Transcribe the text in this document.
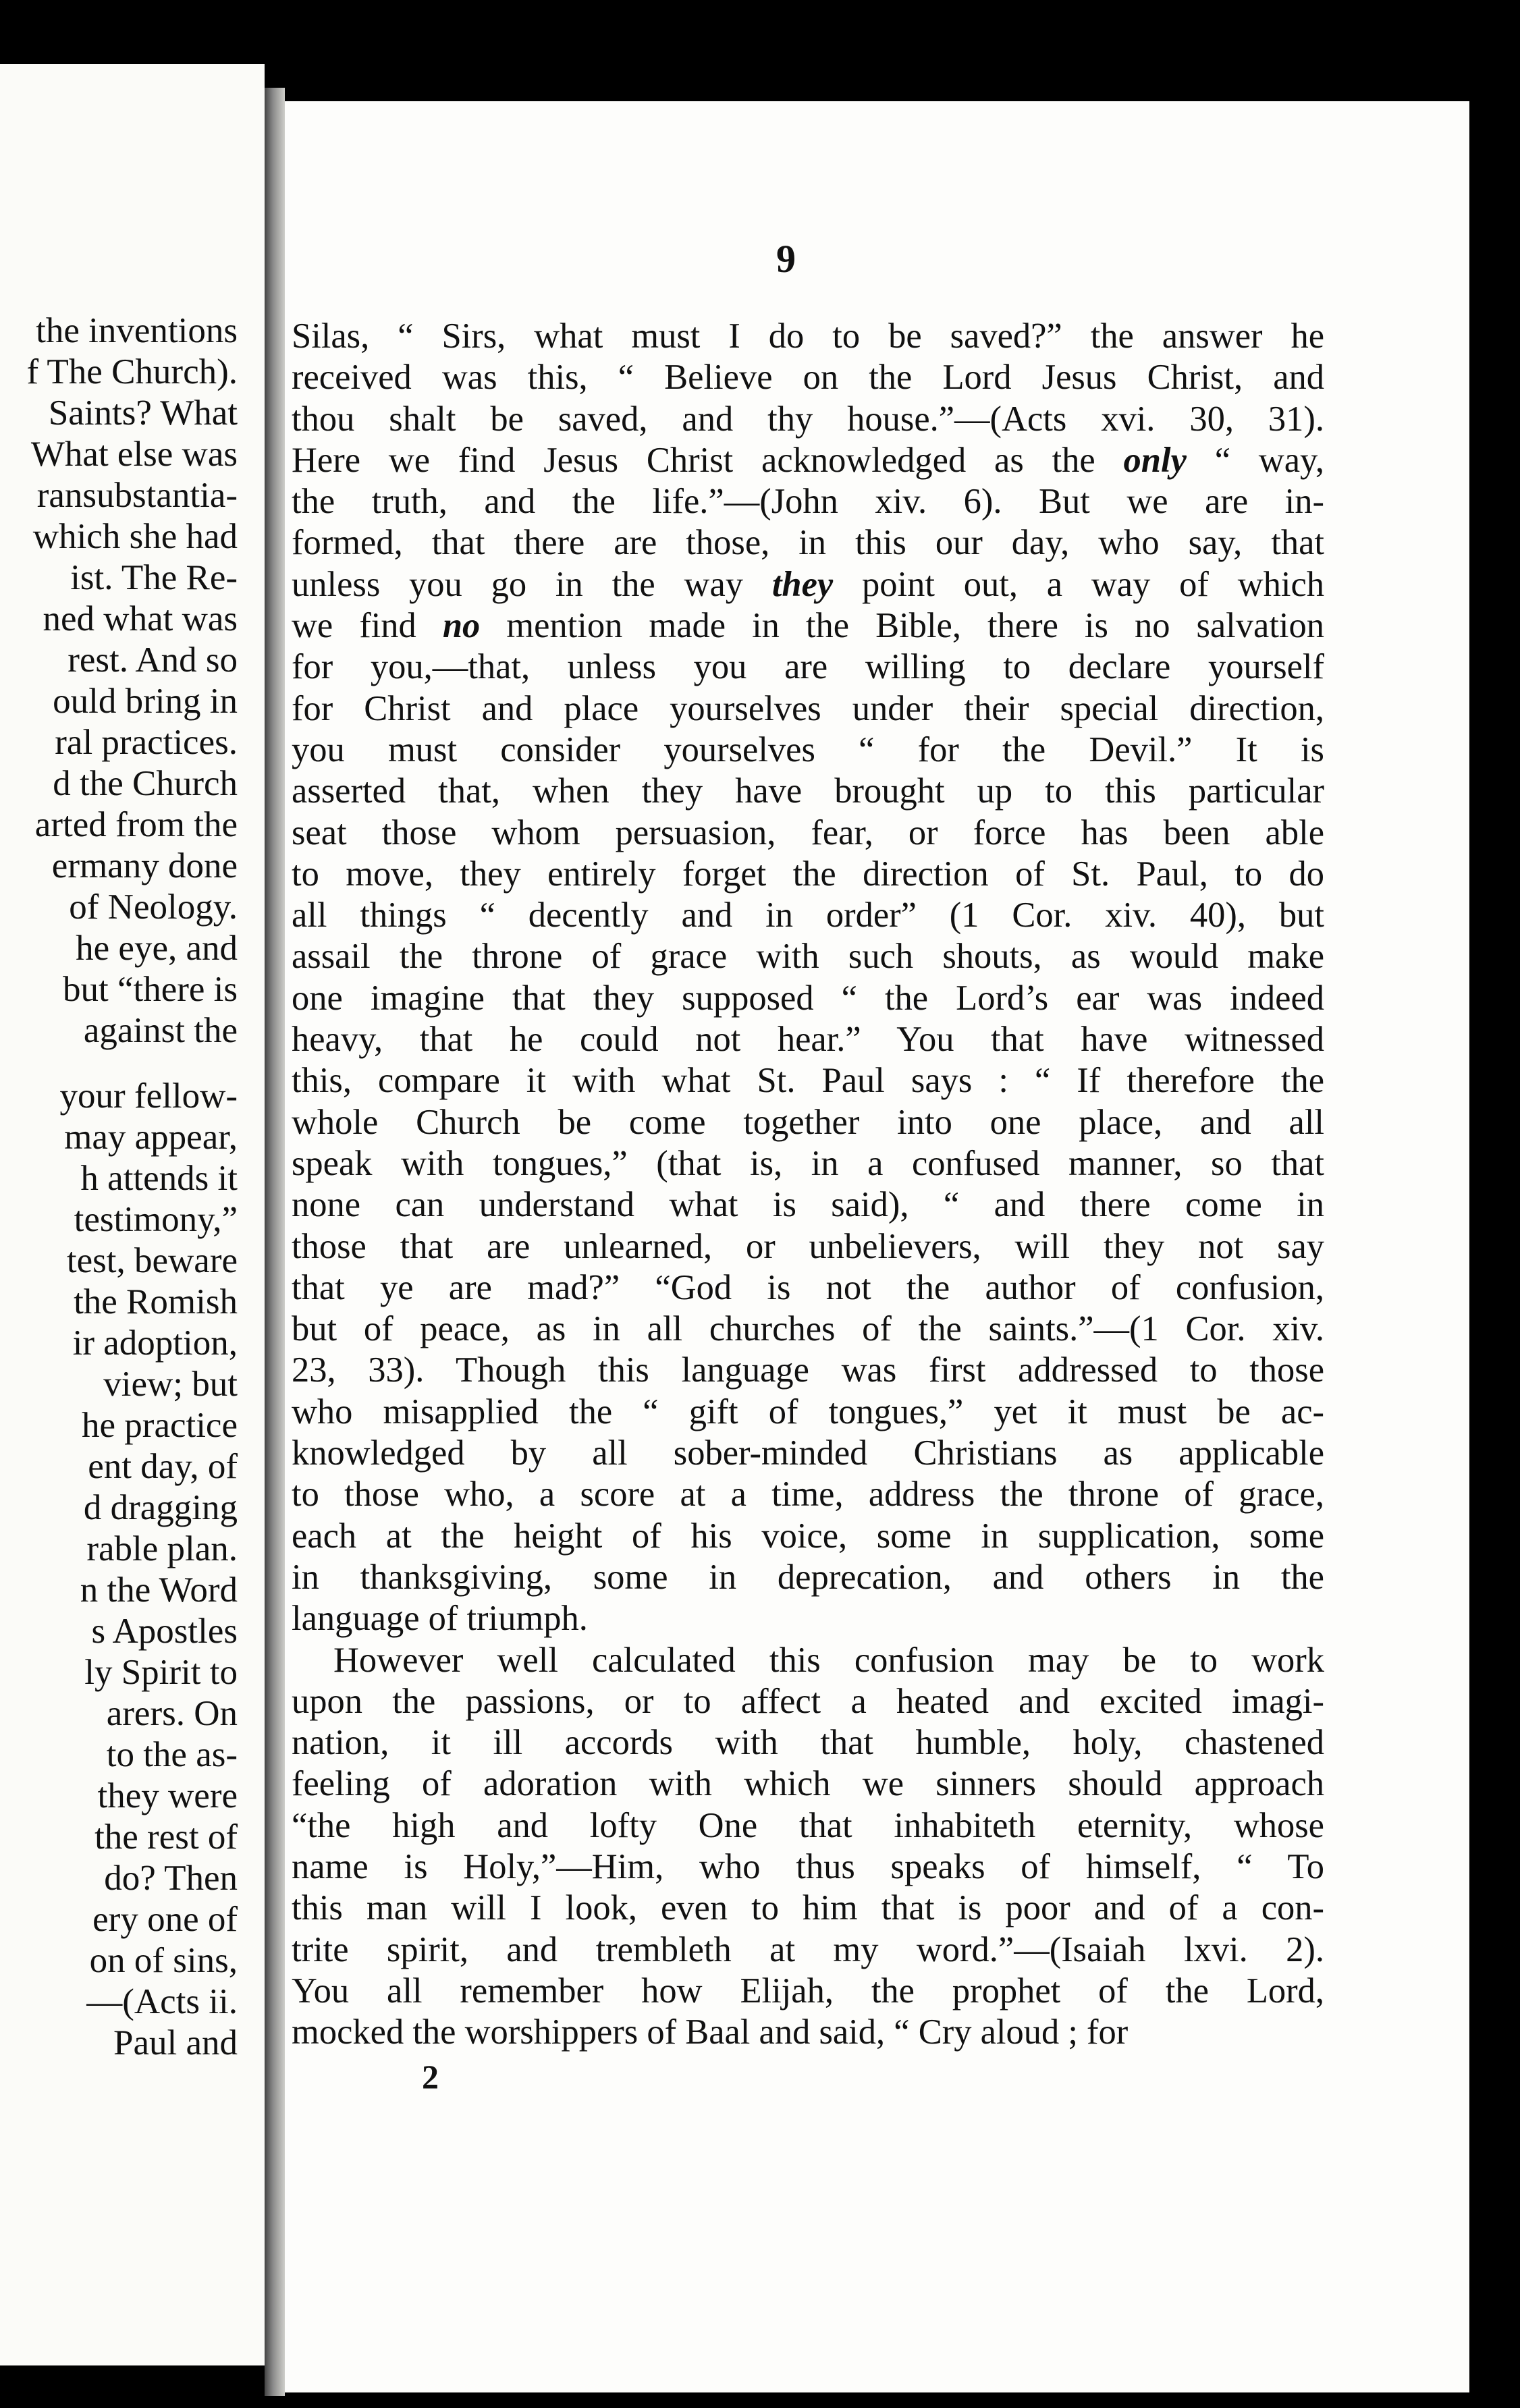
the inventions
f The Church).
Saints? What
What else was
ransubstantia-
which she had
ist. The Re-
ned what was
rest. And so
ould bring in
ral practices.
d the Church
arted from the
ermany done
of Neology.
he eye, and
but “there is
against the
your fellow-
may appear,
h attends it
testimony,”
test, beware
the Romish
ir adoption,
view; but
he practice
ent day, of
d dragging
rable plan.
n the Word
s Apostles
ly Spirit to
arers. On
to the as-
they were
the rest of
do? Then
ery one of
on of sins,
—(Acts ii.
Paul and
9
Silas, “ Sirs, what must I do to be saved?” the answer he
received was this, “ Believe on the Lord Jesus Christ, and
thou shalt be saved, and thy house.”—(Acts xvi. 30, 31).
Here we find Jesus Christ acknowledged as the only “ way,
the truth, and the life.”—(John xiv. 6). But we are in-
formed, that there are those, in this our day, who say, that
unless you go in the way they point out, a way of which
we find no mention made in the Bible, there is no salvation
for you,—that, unless you are willing to declare yourself
for Christ and place yourselves under their special direction,
you must consider yourselves “ for the Devil.” It is
asserted that, when they have brought up to this particular
seat those whom persuasion, fear, or force has been able
to move, they entirely forget the direction of St. Paul, to do
all things “ decently and in order” (1 Cor. xiv. 40), but
assail the throne of grace with such shouts, as would make
one imagine that they supposed “ the Lord’s ear was indeed
heavy, that he could not hear.” You that have witnessed
this, compare it with what St. Paul says : “ If therefore the
whole Church be come together into one place, and all
speak with tongues,” (that is, in a confused manner, so that
none can understand what is said), “ and there come in
those that are unlearned, or unbelievers, will they not say
that ye are mad?” “God is not the author of confusion,
but of peace, as in all churches of the saints.”—(1 Cor. xiv.
23, 33). Though this language was first addressed to those
who misapplied the “ gift of tongues,” yet it must be ac-
knowledged by all sober-minded Christians as applicable
to those who, a score at a time, address the throne of grace,
each at the height of his voice, some in supplication, some
in thanksgiving, some in deprecation, and others in the
language of triumph.
However well calculated this confusion may be to work
upon the passions, or to affect a heated and excited imagi-
nation, it ill accords with that humble, holy, chastened
feeling of adoration with which we sinners should approach
“the high and lofty One that inhabiteth eternity, whose
name is Holy,”—Him, who thus speaks of himself, “ To
this man will I look, even to him that is poor and of a con-
trite spirit, and trembleth at my word.”—(Isaiah lxvi. 2).
You all remember how Elijah, the prophet of the Lord,
mocked the worshippers of Baal and said, “ Cry aloud ; for
2
